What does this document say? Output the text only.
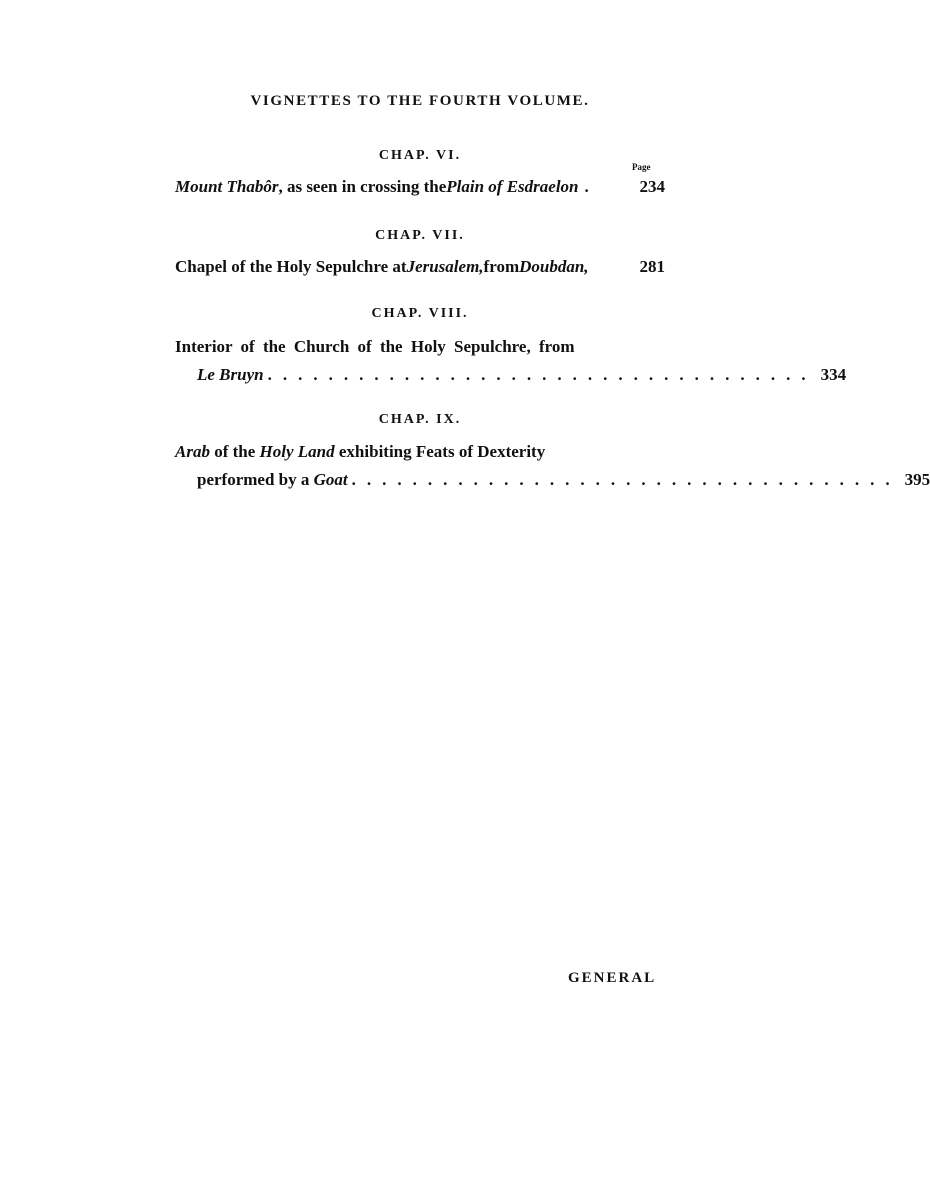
VIGNETTES TO THE FOURTH VOLUME.
CHAP. VI.
Page
Mount Thabôr , as seen in crossing the Plain of Esdraelon .	234
CHAP. VII.
Chapel of the Holy Sepulchre at Jerusalem, from Doubdan,	281
CHAP. VIII.
Interior of the Church of the Holy Sepulchre, from
Le Bruyn .................................... 334
CHAP. IX.
Arab of the Holy Land exhibiting Feats of Dexterity
performed by a Goat .................................... 395
GENERAL
